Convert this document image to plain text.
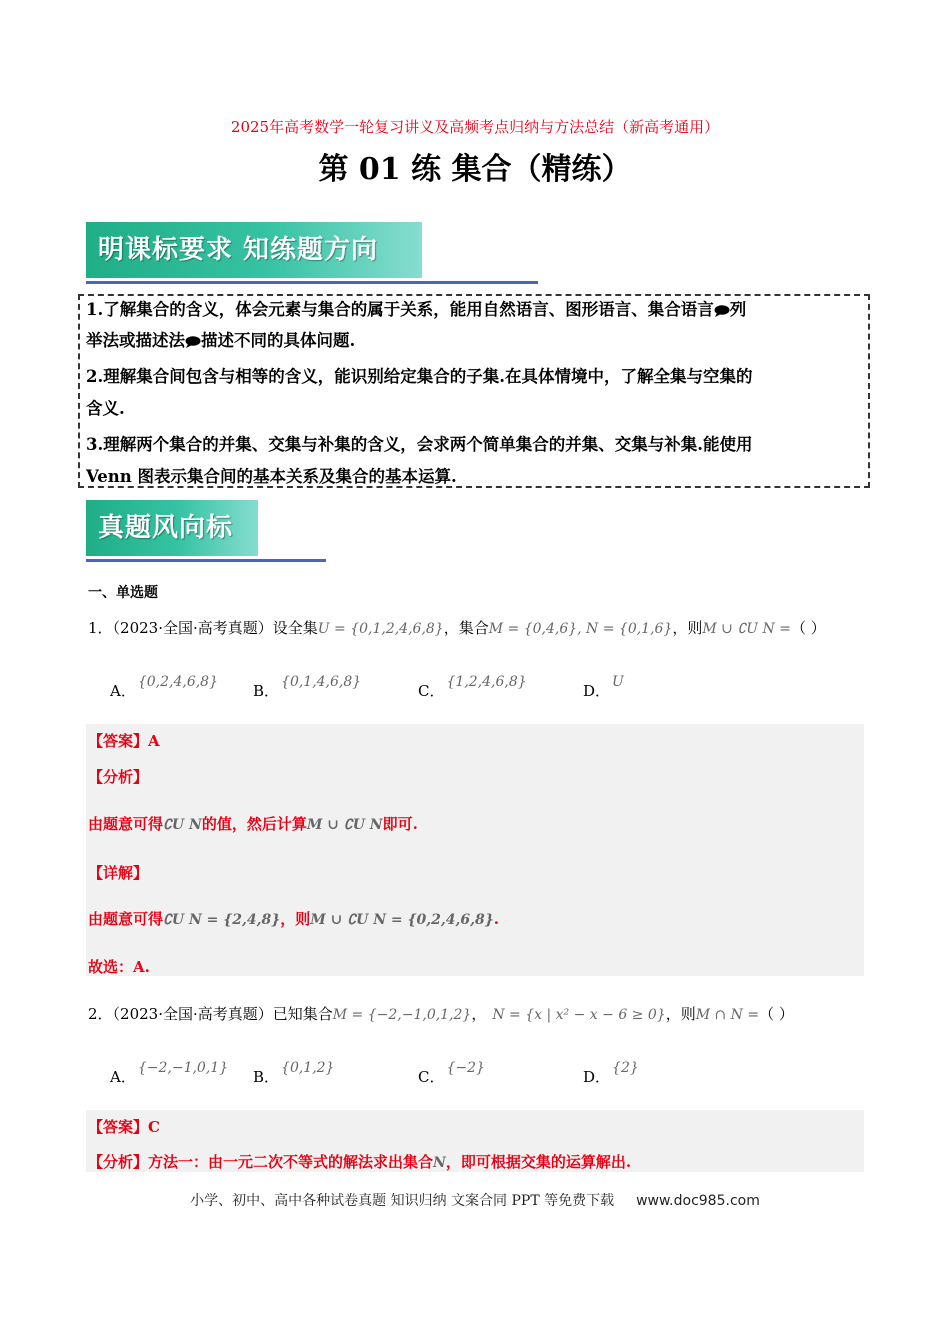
2025年高考数学一轮复习讲义及高频考点归纳与方法总结（新高考通用）
第 01 练 集合（精练）
明课标要求 知练题方向
1.了解集合的含义，体会元素与集合的属于关系，能用自然语言、图形语言、集合语言 列
举法或描述法 描述不同的具体问题.
2.理解集合间包含与相等的含义，能识别给定集合的子集.在具体情境中，了解全集与空集的
含义.
3.理解两个集合的并集、交集与补集的含义，会求两个简单集合的并集、交集与补集.能使用
Venn 图表示集合间的基本关系及集合的基本运算.
真题风向标
一、单选题
1．（2023·全国·高考真题）设全集U = {0,1,2,4,6,8}，集合M = {0,4,6}, N = {0,1,6}，则M ∪ ∁U N =（ ）
A． {0,2,4,6,8} B． {0,1,4,6,8}	C． {1,2,4,6,8}	D． U
【答案】A
【分析】
由题意可得∁U N的值，然后计算M ∪ ∁U N即可.
【详解】
由题意可得∁U N = {2,4,8}，则M ∪ ∁U N = {0,2,4,6,8}.
故选：A.
2．（2023·全国·高考真题）已知集合M = {−2,−1,0,1,2}， N = {x | x² − x − 6 ≥ 0}，则M ∩ N =（ ）
A． {−2,−1,0,1} B． {0,1,2}	C． {−2}	D． {2}
【答案】C
【分析】方法一：由一元二次不等式的解法求出集合N，即可根据交集的运算解出.
小学、初中、高中各种试卷真题 知识归纳 文案合同 PPT 等免费下载 www.doc985.com
